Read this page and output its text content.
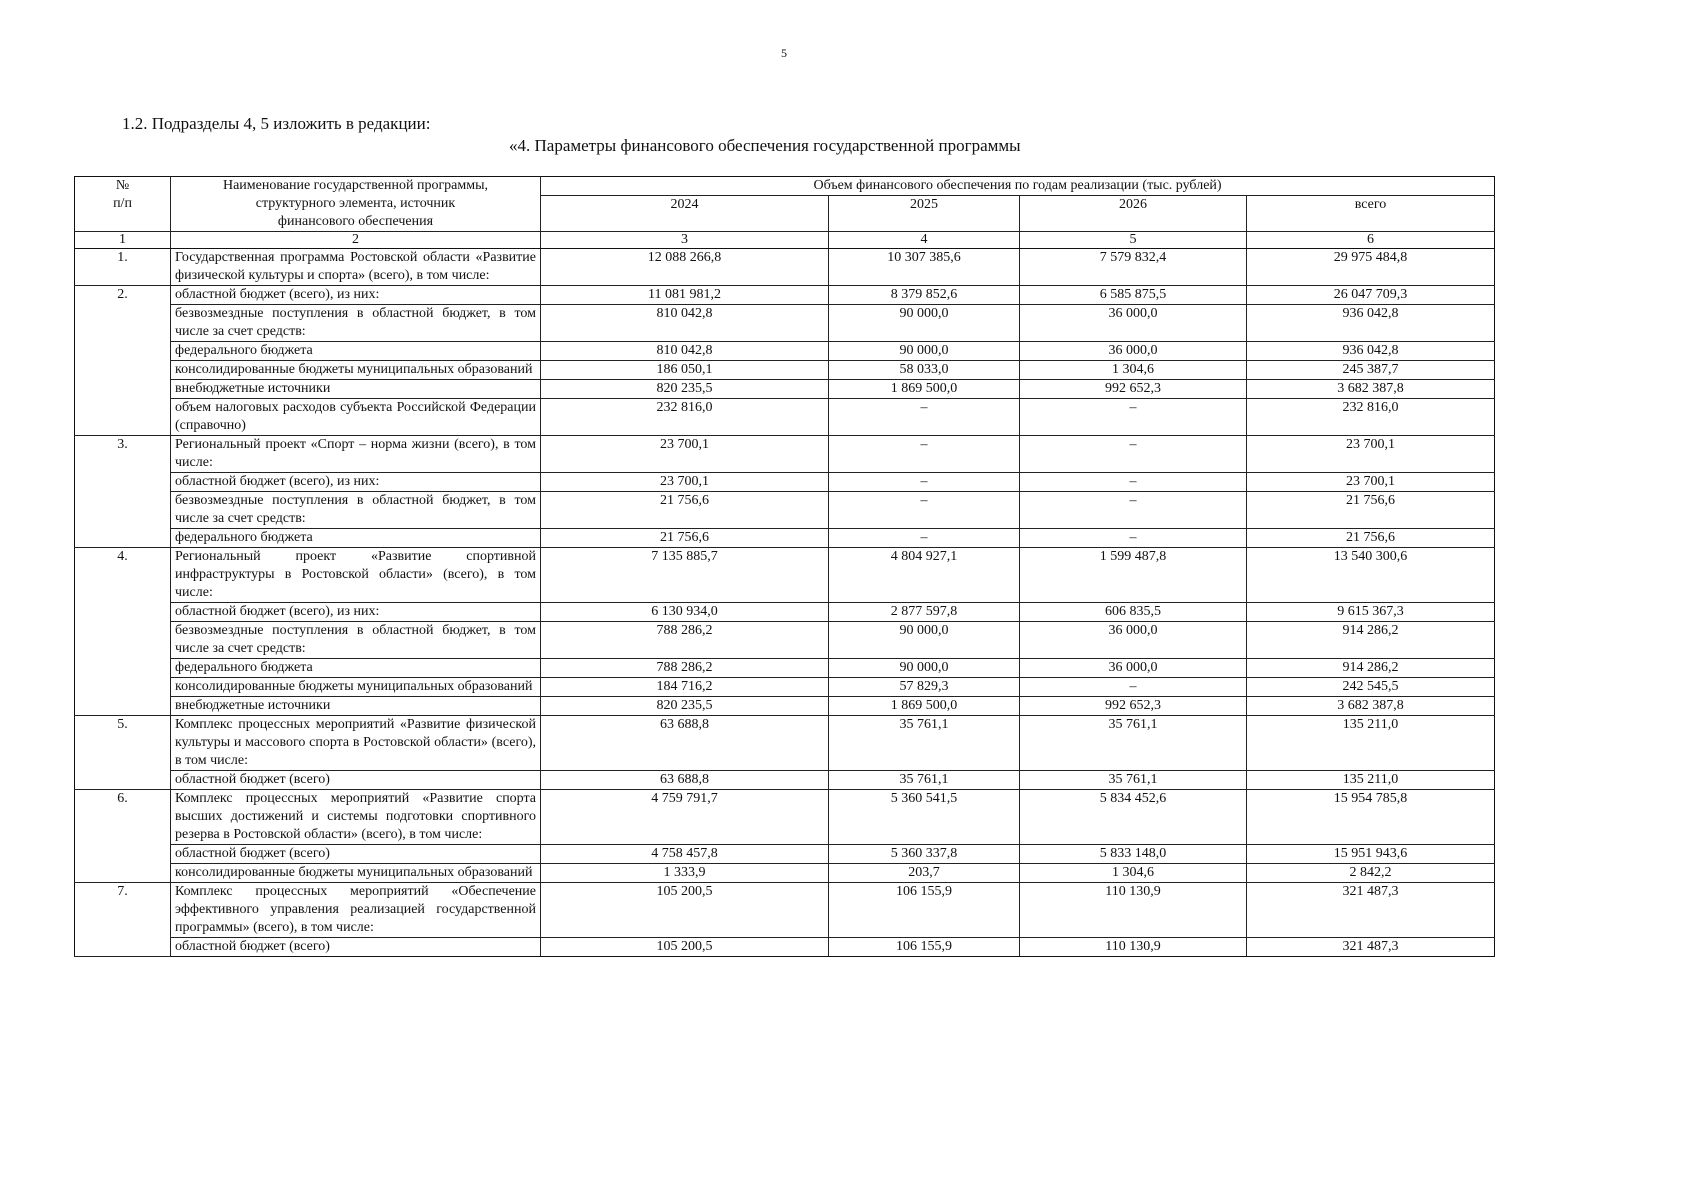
5
1.2. Подразделы 4, 5 изложить в редакции:
«4. Параметры финансового обеспечения государственной программы
№
п/п	Наименование государственной программы,
структурного элемента, источник
финансового обеспечения	Объем финансового обеспечения по годам реализации (тыс. рублей)			
		2024	2025	2026	всего
1	2	3	4	5	6
1.	Государственная программа Ростовской области «Развитие физической культуры и спорта» (всего), в том числе:	12 088 266,8	10 307 385,6	7 579 832,4	29 975 484,8
2.	областной бюджет (всего), из них:	11 081 981,2	8 379 852,6	6 585 875,5	26 047 709,3
	безвозмездные поступления в областной бюджет, в том числе за счет средств:	810 042,8	90 000,0	36 000,0	936 042,8
	федерального бюджета	810 042,8	90 000,0	36 000,0	936 042,8
	консолидированные бюджеты муниципальных образований	186 050,1	58 033,0	1 304,6	245 387,7
	внебюджетные источники	820 235,5	1 869 500,0	992 652,3	3 682 387,8
	объем налоговых расходов субъекта Российской Федерации (справочно)	232 816,0	–	–	232 816,0
3.	Региональный проект «Спорт – норма жизни (всего), в том числе:	23 700,1	–	–	23 700,1
	областной бюджет (всего), из них:	23 700,1	–	–	23 700,1
	безвозмездные поступления в областной бюджет, в том числе за счет средств:	21 756,6	–	–	21 756,6
	федерального бюджета	21 756,6	–	–	21 756,6
4.	Региональный проект «Развитие спортивной инфраструктуры в Ростовской области» (всего), в том числе:	7 135 885,7	4 804 927,1	1 599 487,8	13 540 300,6
	областной бюджет (всего), из них:	6 130 934,0	2 877 597,8	606 835,5	9 615 367,3
	безвозмездные поступления в областной бюджет, в том числе за счет средств:	788 286,2	90 000,0	36 000,0	914 286,2
	федерального бюджета	788 286,2	90 000,0	36 000,0	914 286,2
	консолидированные бюджеты муниципальных образований	184 716,2	57 829,3	–	242 545,5
	внебюджетные источники	820 235,5	1 869 500,0	992 652,3	3 682 387,8
5.	Комплекс процессных мероприятий «Развитие физической культуры и массового спорта в Ростовской области» (всего), в том числе:	63 688,8	35 761,1	35 761,1	135 211,0
	областной бюджет (всего)	63 688,8	35 761,1	35 761,1	135 211,0
6.	Комплекс процессных мероприятий «Развитие спорта высших достижений и системы подготовки спортивного резерва в Ростовской области» (всего), в том числе:	4 759 791,7	5 360 541,5	5 834 452,6	15 954 785,8
	областной бюджет (всего)	4 758 457,8	5 360 337,8	5 833 148,0	15 951 943,6
	консолидированные бюджеты муниципальных образований	1 333,9	203,7	1 304,6	2 842,2
7.	Комплекс процессных мероприятий «Обеспечение эффективного управления реализацией государственной программы» (всего), в том числе:	105 200,5	106 155,9	110 130,9	321 487,3
	областной бюджет (всего)	105 200,5	106 155,9	110 130,9	321 487,3
